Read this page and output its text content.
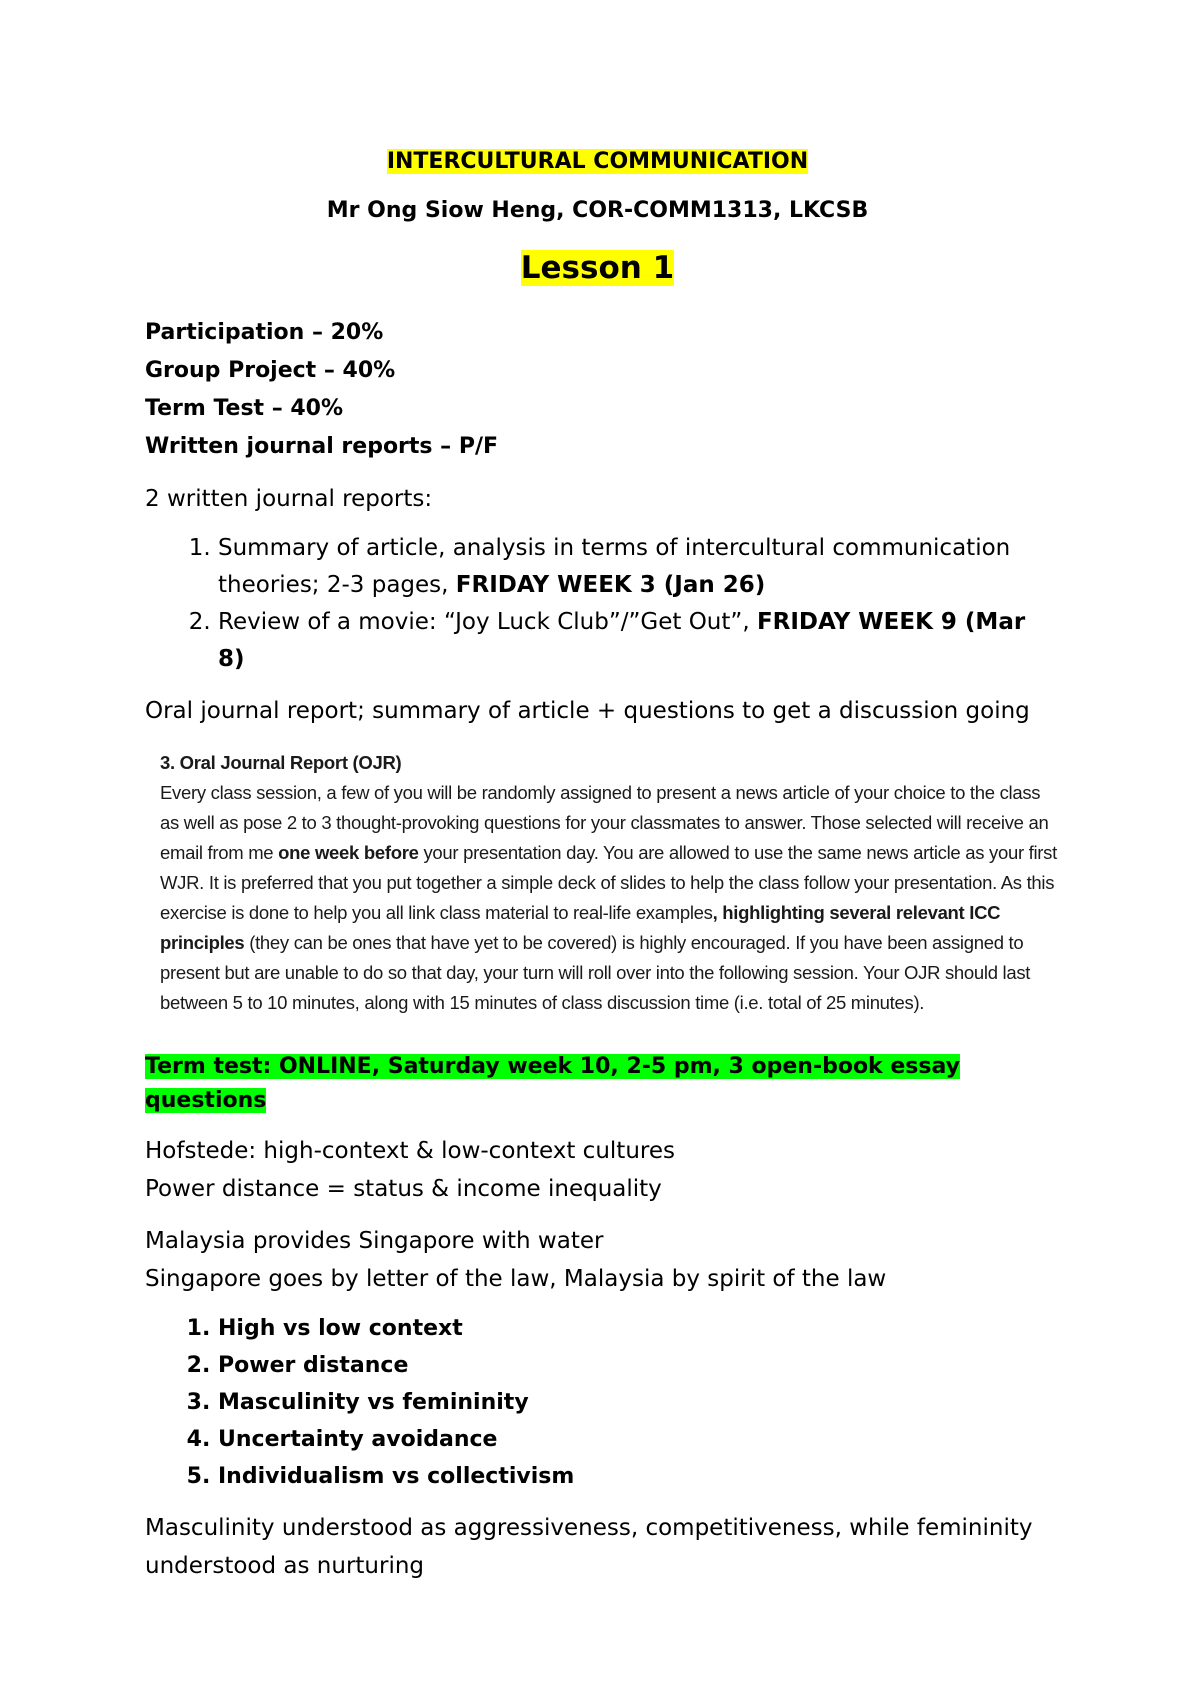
INTERCULTURAL COMMUNICATION

Mr Ong Siow Heng, COR-COMM1313, LKCSB

Lesson 1

Participation – 20%
Group Project – 40%
Term Test – 40%
Written journal reports – P/F

2 written journal reports:

1. Summary of article, analysis in terms of intercultural communication theories; 2-3 pages, FRIDAY WEEK 3 (Jan 26)
2. Review of a movie: “Joy Luck Club”/”Get Out”, FRIDAY WEEK 9 (Mar 8)

Oral journal report; summary of article + questions to get a discussion going

3. Oral Journal Report (OJR)
Every class session, a few of you will be randomly assigned to present a news article of your choice to the class as well as pose 2 to 3 thought-provoking questions for your classmates to answer. Those selected will receive an email from me one week before your presentation day. You are allowed to use the same news article as your first WJR. It is preferred that you put together a simple deck of slides to help the class follow your presentation. As this exercise is done to help you all link class material to real-life examples, highlighting several relevant ICC principles (they can be ones that have yet to be covered) is highly encouraged. If you have been assigned to present but are unable to do so that day, your turn will roll over into the following session. Your OJR should last between 5 to 10 minutes, along with 15 minutes of class discussion time (i.e. total of 25 minutes).

Term test: ONLINE, Saturday week 10, 2-5 pm, 3 open-book essay questions

Hofstede: high-context & low-context cultures
Power distance = status & income inequality
Malaysia provides Singapore with water
Singapore goes by letter of the law, Malaysia by spirit of the law
1. High vs low context
2. Power distance
3. Masculinity vs femininity
4. Uncertainty avoidance
5. Individualism vs collectivism

Masculinity understood as aggressiveness, competitiveness, while femininity understood as nurturing
